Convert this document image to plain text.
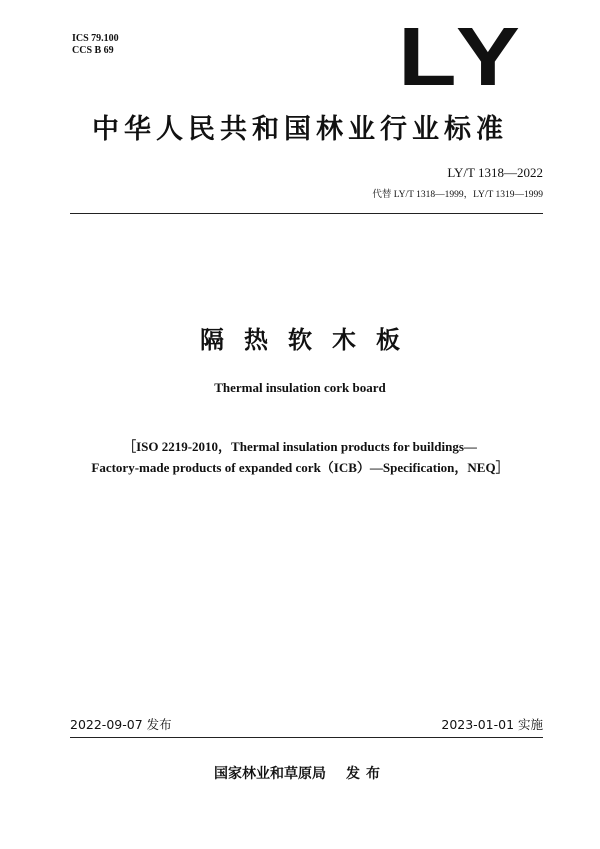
ICS 79.100
CCS B 69	LY
中华人民共和国林业行业标准
LY/T 1318—2022
代替 LY/T 1318—1999，LY/T 1319—1999
隔热软木板
Thermal insulation cork board
［ISO 2219-2010，Thermal insulation products for buildings—
Factory-made products of expanded cork（ICB）—Specification，NEQ］
2022-09-07 发布	2023-01-01 实施
国家林业和草原局 发布
